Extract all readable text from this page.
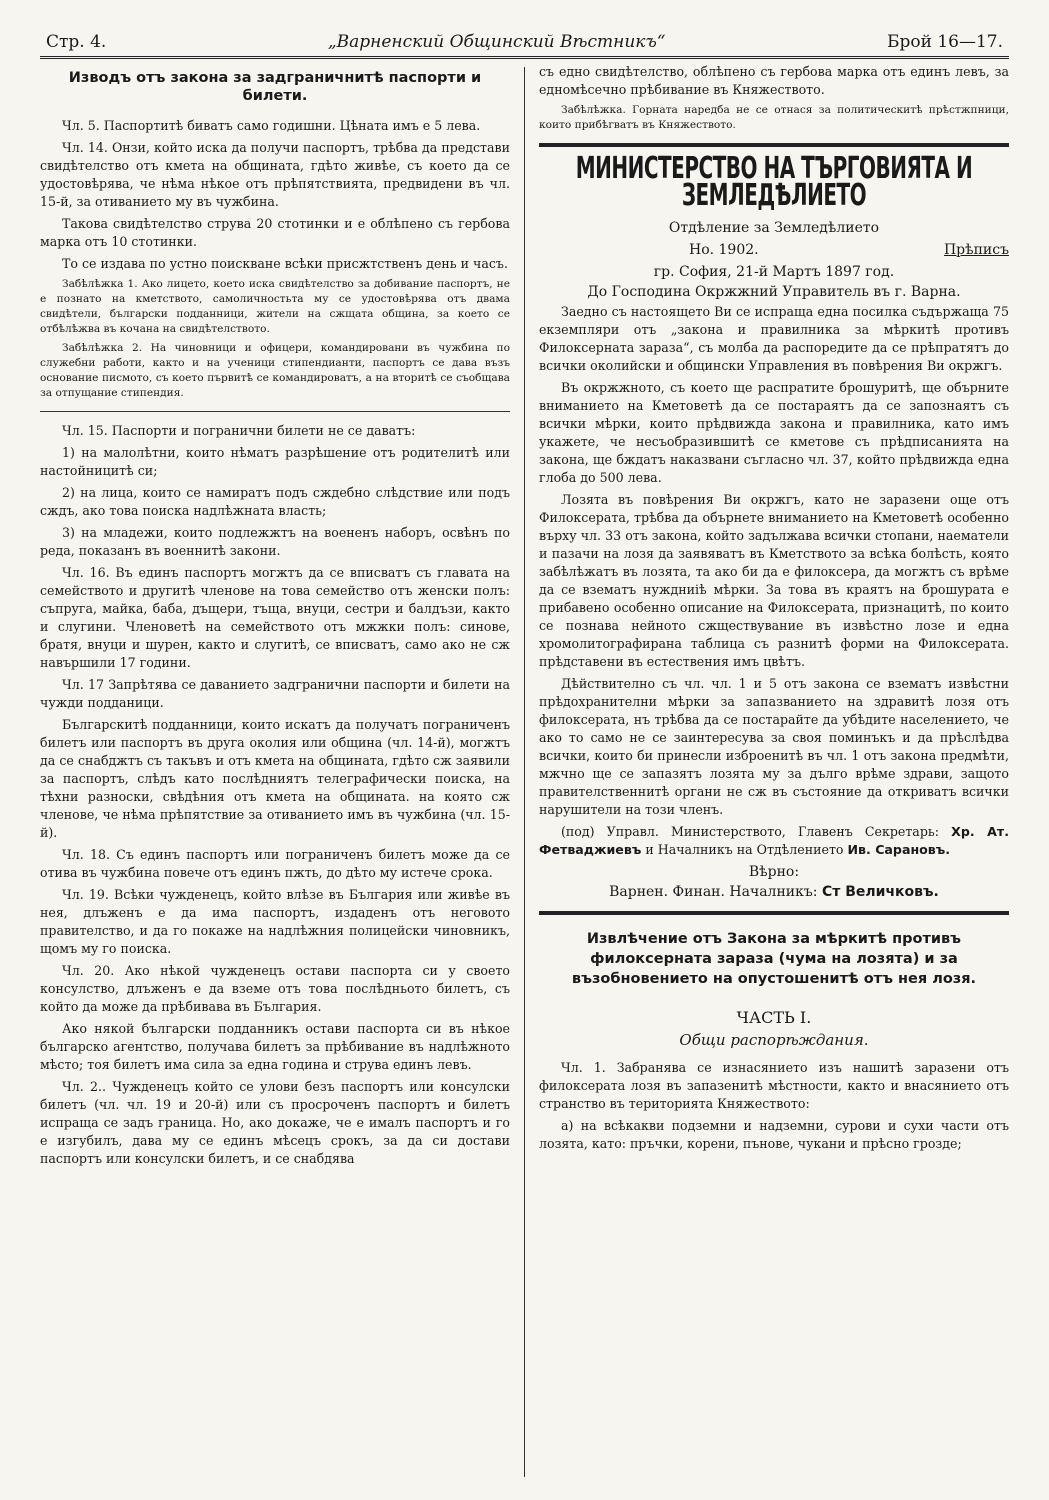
Стр. 4.	„Варненский Общинский Вѣстникъ“	Брой 16—17.
Изводъ отъ закона за задграничнитѣ паспорти и билети.

Чл. 5. Паспортитѣ биватъ само годишни. Цѣната имъ е 5 лева.

Чл. 14. Онзи, който иска да получи паспортъ, трѣбва да представи свидѣтелство отъ кмета на общината, гдѣто живѣе, съ което да се удостовѣрява, че нѣма нѣкое отъ прѣпятствията, предвидени въ чл. 15-й, за отиванието му въ чужбина.

Такова свидѣтелство струва 20 стотинки и е облѣпено съ гербова марка отъ 10 стотинки.

То се издава по устно поискване всѣки присжтственъ день и часъ.

Забѣлѣжка 1. Ако лицето, което иска свидѣтелство за добивание паспортъ, не е познато на кметството, самоличностьта му се удостовѣрява отъ двама свидѣтели, български подданници, жители на сжщата община, за което се отбѣлѣжва въ кочана на свидѣтелството.

Забѣлѣжка 2. На чиновници и офицери, командировани въ чужбина по служебни работи, както и на ученици стипендианти, паспортъ се дава възъ основание писмото, съ което първитѣ се командироватъ, а на вторитѣ се съобщава за отпущание стипендия.

Чл. 15. Паспорти и погранични билети не се даватъ:

1) на малолѣтни, които нѣматъ разрѣшение отъ родителитѣ или настойницитѣ си;

2) на лица, които се намиратъ подъ сждебно слѣдствие или подъ сждъ, ако това поиска надлѣжната власть;

3) на младежи, които подлежжтъ на воененъ наборъ, освѣнъ по реда, показанъ въ военнитѣ закони.

Чл. 16. Въ единъ паспортъ могжтъ да се вписватъ съ главата на семейството и другитѣ членове на това семейство отъ женски полъ: съпруга, майка, баба, дъщери, тъща, внуци, сестри и балдъзи, както и слугини. Членоветѣ на семейството отъ мжжки полъ: синове, братя, внуци и шурен, както и слугитѣ, се вписватъ, само ако не сж навършили 17 години.

Чл. 17 Запрѣтява се даванието задгранични паспорти и билети на чужди подданици.

Българскитѣ подданници, които искатъ да получатъ пограниченъ билетъ или паспортъ въ друга околия или община (чл. 14-й), могжтъ да се снабджтъ съ такъвъ и отъ кмета на общината, гдѣто сж заявили за паспортъ, слѣдъ като послѣдниятъ телеграфически поиска, на тѣхни разноски, свѣдѣния отъ кмета на общината. на която сж членове, че нѣма прѣпятствие за отиванието имъ въ чужбина (чл. 15-й).

Чл. 18. Съ единъ паспортъ или пограниченъ билетъ може да се отива въ чужбина повече отъ единъ пжть, до дѣто му истече срока.

Чл. 19. Всѣки чужденецъ, който влѣзе въ България или живѣе въ нея, длъженъ е да има паспортъ, издаденъ отъ неговото правителство, и да го покаже на надлѣжния полицейски чиновникъ, щомъ му го поиска.

Чл. 20. Ако нѣкой чужденецъ остави паспорта си у своето консулство, длъженъ е да вземе отъ това послѣдньото билетъ, съ който да може да прѣбивава въ България.

Ако някой български подданникъ остави паспорта си въ нѣкое българско агентство, получава билетъ за прѣбивание въ надлѣжното мѣсто; тоя билетъ има сила за една година и струва единъ левъ.

Чл. 2.. Чужденецъ който се улови безъ паспортъ или консулски билетъ (чл. чл. 19 и 20-й) или съ просроченъ паспортъ и билетъ испраща се задъ граница. Но, ако докаже, че е ималъ паспортъ и го е изгубилъ, дава му се единъ мѣсецъ срокъ, за да си достави паспортъ или консулски билетъ, и се снабдява

съ едно свидѣтелство, облѣпено съ гербова марка отъ единъ левъ, за едномѣсечно прѣбивание въ Княжеството.

Забѣлѣжка. Горната наредба не се отнася за политическитѣ прѣстжпници, които прибѣгватъ въ Княжеството.

МИНИСТЕРСТВО НА ТЪРГОВИЯТА И ЗЕМЛЕДѢЛИЕТО
Отдѣление за Земледѣлието
Но. 1902.	Прѣписъ
гр. София, 21-й Мартъ 1897 год.
До Господина Окржжний Управитель въ г. Варна.

Заедно съ настоящето Ви се испраща една посилка съдържаща 75 екземпляри отъ „закона и правилника за мѣркитѣ противъ Филоксерната зараза“, съ молба да распоредите да се прѣпратятъ до всички околийски и общински Управления въ повѣрения Ви окржгъ.

Въ окржжното, съ което ще распратите брошуритѣ, ще обърните вниманието на Кметоветѣ да се постараятъ да се запознаятъ съ всички мѣрки, които прѣдвижда закона и правилника, като имъ укажете, че несъобразившитѣ се кметове съ прѣдписанията на закона, ще бждатъ наказвани съгласно чл. 37, който прѣдвижда една глоба до 500 лева.

Лозята въ повѣрения Ви окржгъ, като не заразени още отъ Филоксерата, трѣбва да обърнете вниманието на Кметоветѣ особенно върху чл. 33 отъ закона, който задължава всички стопани, наематели и пазачи на лозя да заявяватъ въ Кметството за всѣка болѣсть, която забѣлѣжатъ въ лозята, та ако би да е филоксера, да могжтъ съ врѣме да се взематъ нуждниіѣ мѣрки. За това въ краятъ на брошурата е прибавено особенно описание на Филоксерата, признацитѣ, по които се познава нейното сжществувание въ извѣстно лозе и една хромолитографирана таблица съ разнитѣ форми на Филоксерата. прѣдставени въ естествения имъ цвѣтъ.

Дѣйствително съ чл. чл. 1 и 5 отъ закона се взематъ извѣстни прѣдохранителни мѣрки за запазванието на здравитѣ лозя отъ филоксерата, нъ трѣбва да се постарайте да убѣдите населението, че ако то само не се заинтересува за своя поминъкъ и да прѣслѣдва всички, които би принесли изброенитѣ въ чл. 1 отъ закона предмѣти, мжчно ще се запазятъ лозята му за дълго врѣме здрави, защото правителственнитѣ органи не сж въ състояние да откриватъ всички нарушители на този членъ.

(под) Управл. Министерството, Главенъ Секретарь: Хр. Ат. Фетваджиевъ и Началникъ на Отдѣлението Ив. Сарановъ.

Вѣрно:
Варнен. Финан. Началникъ: Ст Величковъ.
Извлѣчение отъ Закона за мѣркитѣ противъ филоксерната зараза (чума на лозята) и за възобновението на опустошенитѣ отъ нея лозя.
ЧАСТЬ I.
Общи распорѣждания.

Чл. 1. Забранява се изнасянието изъ нашитѣ заразени отъ филоксерата лозя въ запазенитѣ мѣстности, както и внасянието отъ странство въ територията Княжеството:

а) на всѣкакви подземни и надземни, сурови и сухи части отъ лозята, като: пръчки, корени, пънове, чукани и прѣсно грозде;
